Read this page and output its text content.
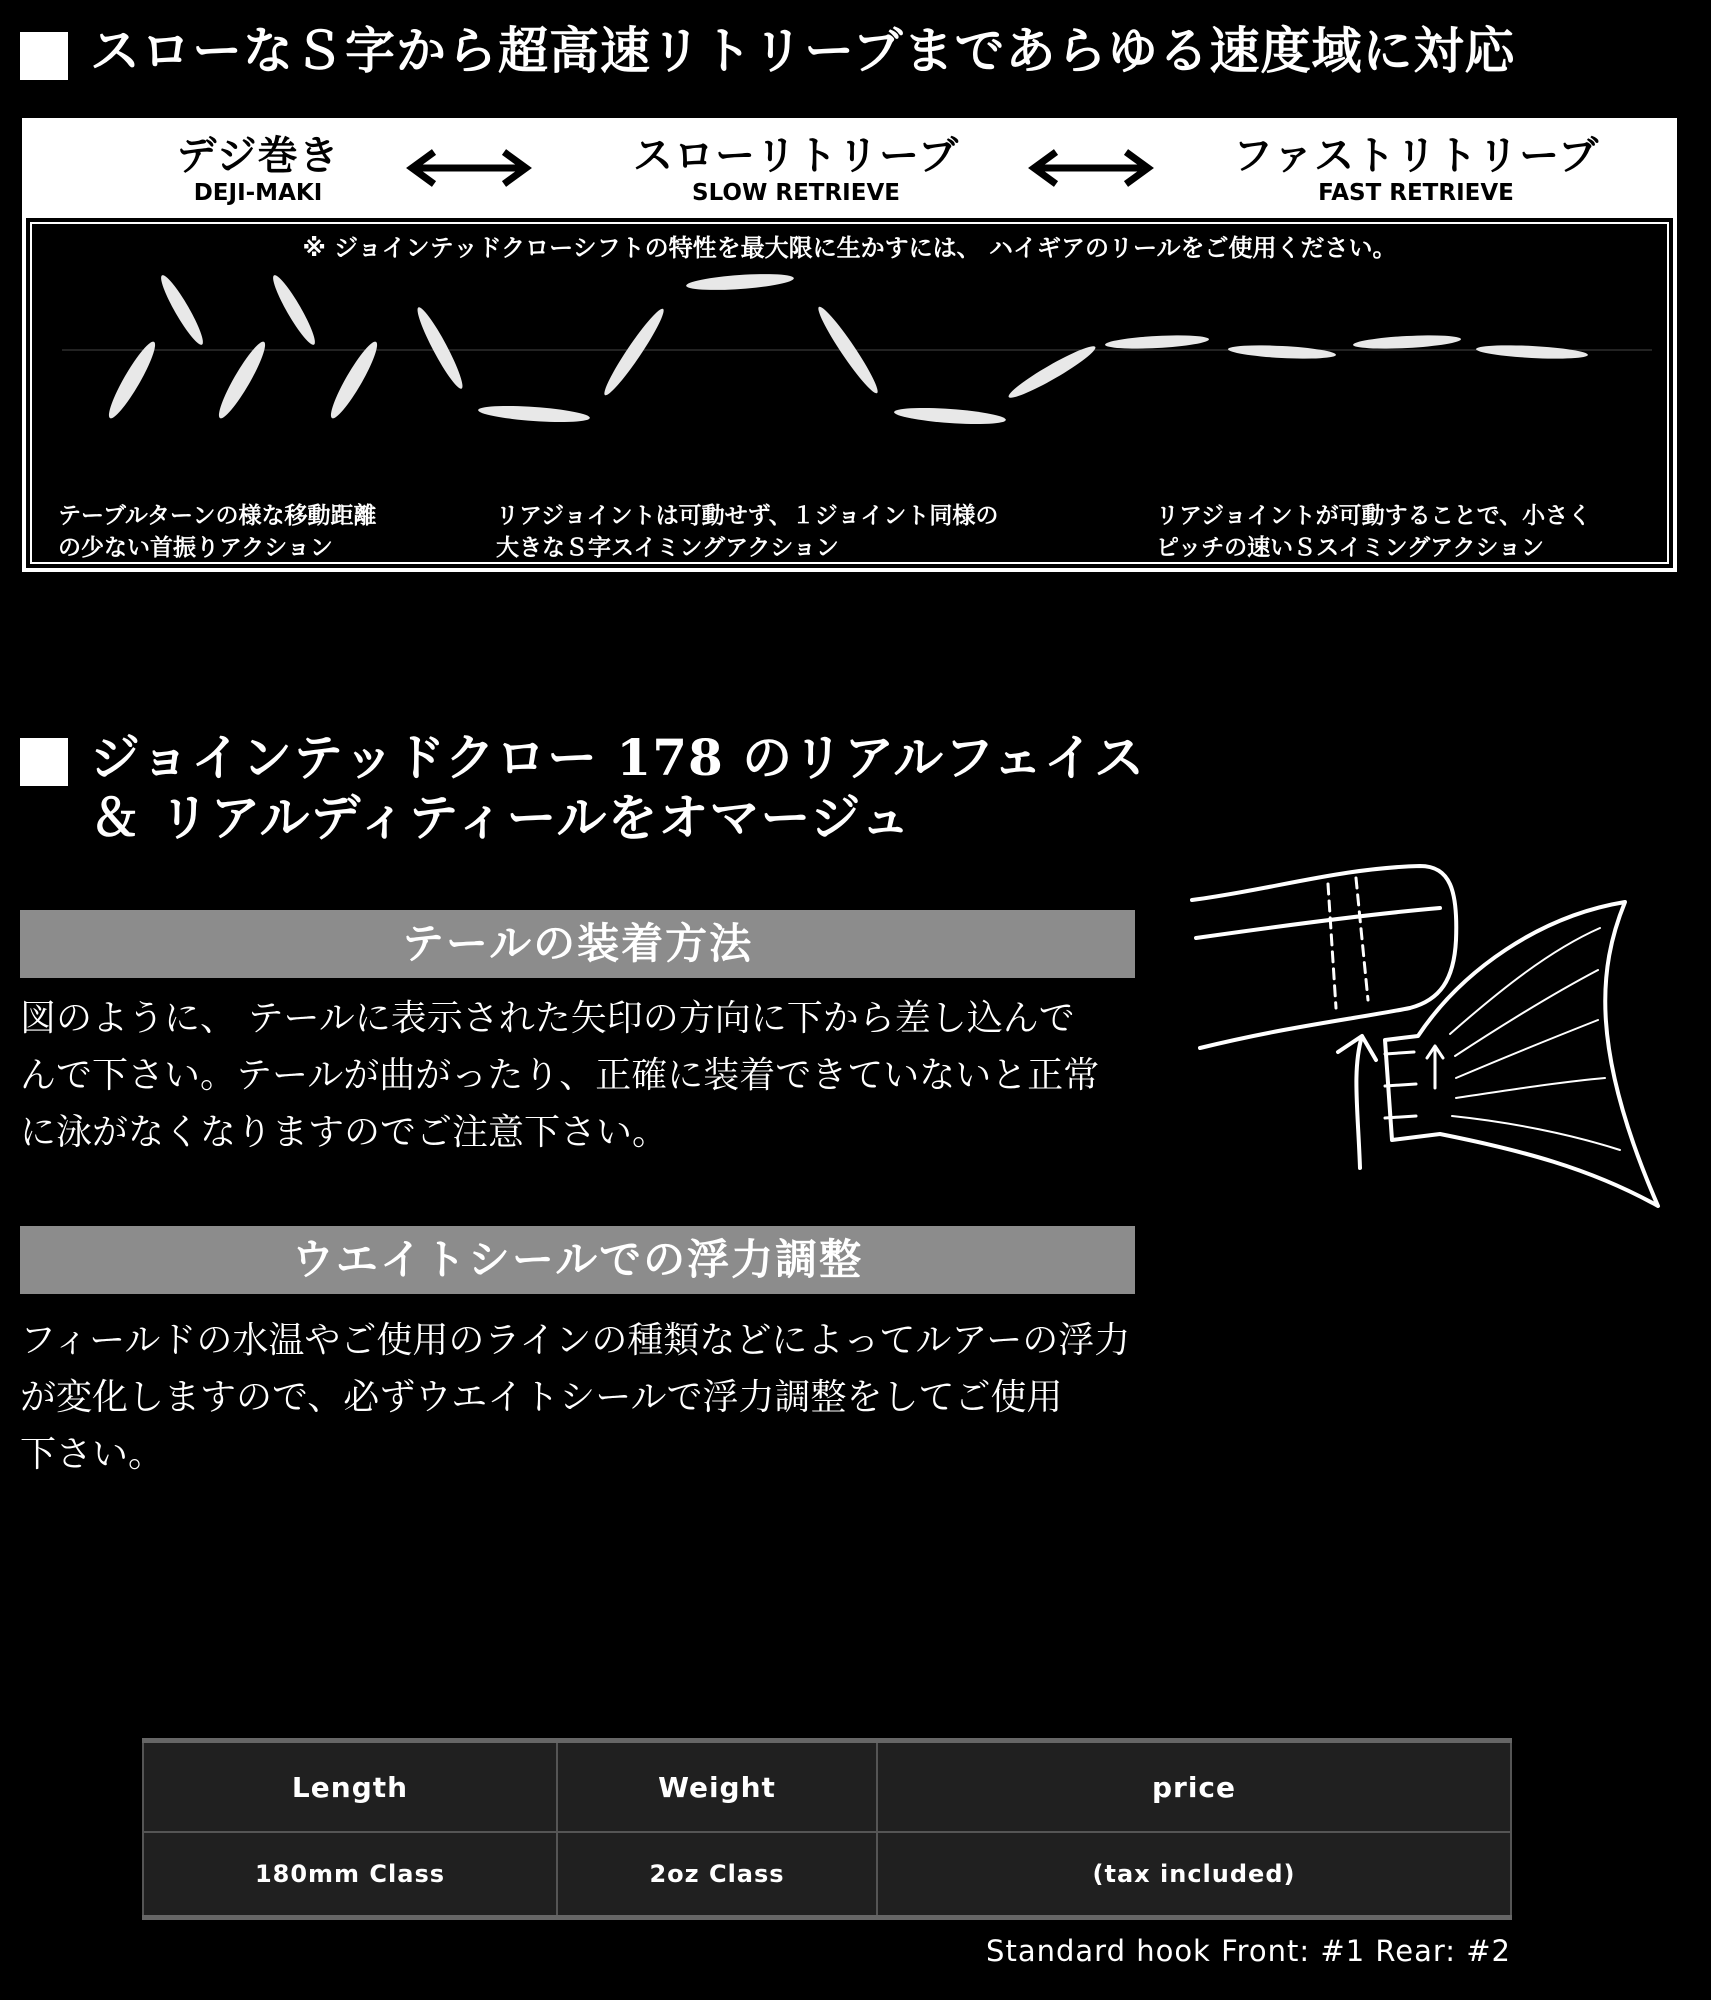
スローなＳ字から超高速リトリーブまであらゆる速度域に対応
デジ巻き
DEJI-MAKI
スローリトリーブ
SLOW RETRIEVE
ファストリトリーブ
FAST RETRIEVE
※ ジョインテッドクローシフトの特性を最大限に生かすには、 ハイギアのリールをご使用ください。
テーブルターンの様な移動距離
の少ない首振りアクション
リアジョイントは可動せず、１ジョイント同様の
大きなＳ字スイミングアクション
リアジョイントが可動することで、小さく
ピッチの速いＳスイミングアクション
ジョインテッドクロー 178 のリアルフェイス
＆ リアルディティールをオマージュ
テールの装着方法
図のように、 テールに表示された矢印の方向に下から差し込んで
んで下さい。テールが曲がったり、正確に装着できていないと正常
に泳がなくなりますのでご注意下さい。
ウエイトシールでの浮力調整
フィールドの水温やご使用のラインの種類などによってルアーの浮力
が変化しますので、必ずウエイトシールで浮力調整をしてご使用
下さい。
Length	Weight	price
180mm Class	2oz Class	(tax included)
Standard hook Front: #1 Rear: #2
